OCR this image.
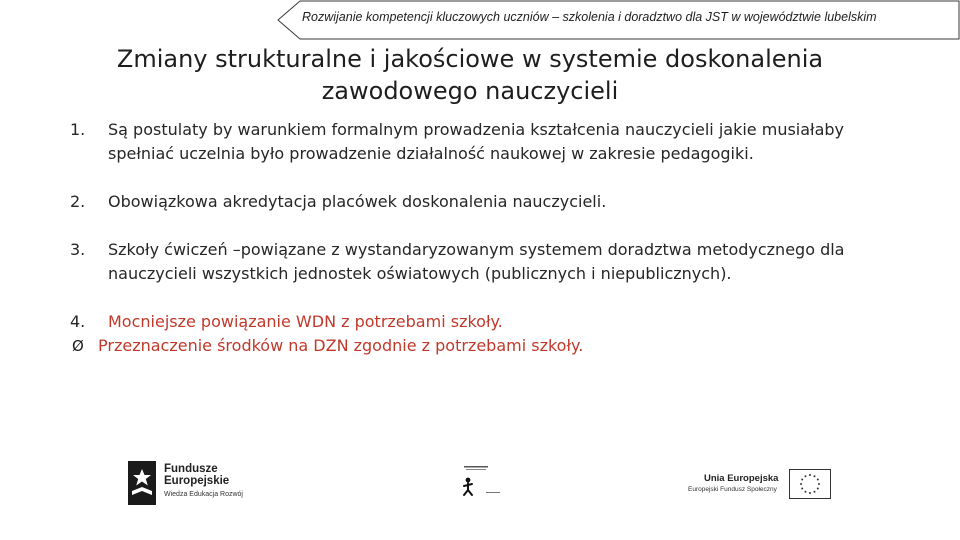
Rozwijanie kompetencji kluczowych uczniów – szkolenia i doradztwo dla JST w województwie lubelskim
Zmiany strukturalne i jakościowe w systemie doskonalenia
zawodowego nauczycieli
1. Są postulaty by warunkiem formalnym prowadzenia kształcenia nauczycieli jakie musiałaby
spełniać uczelnia było prowadzenie działalność naukowej w zakresie pedagogiki.
2. Obowiązkowa akredytacja placówek doskonalenia nauczycieli.
3. Szkoły ćwiczeń –powiązane z wystandaryzowanym systemem doradztwa metodycznego dla
nauczycieli wszystkich jednostek oświatowych (publicznych i niepublicznych).
4. Mocniejsze powiązanie WDN z potrzebami szkoły.
Ø Przeznaczenie środków na DZN zgodnie z potrzebami szkoły.
Fundusze
Europejskie
Wiedza Edukacja Rozwój
Unia Europejska
Europejski Fundusz Społeczny
